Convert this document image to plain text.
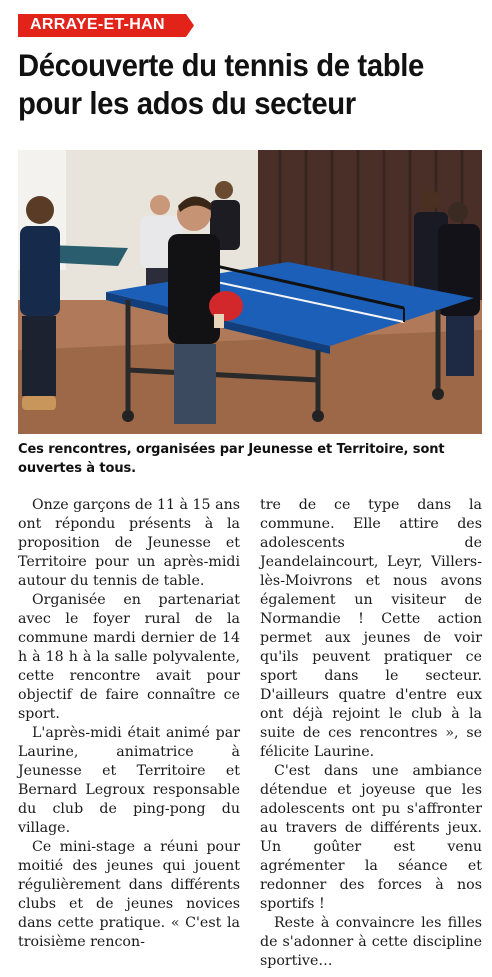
ARRAYE-ET-HAN
Découverte du tennis de table
pour les ados du secteur

Ces rencontres, organisées par Jeunesse et Territoire, sont ouvertes à tous.

Onze garçons de 11 à 15 ans ont répondu présents à la proposition de Jeunesse et Territoire pour un après-midi autour du tennis de table.

Organisée en partenariat avec le foyer rural de la commune mardi dernier de 14 h à 18 h à la salle polyvalente, cette rencontre avait pour objectif de faire connaître ce sport.

L'après-midi était animé par Laurine, animatrice à Jeunesse et Territoire et Bernard Legroux responsable du club de ping-pong du village.

Ce mini-stage a réuni pour moitié des jeunes qui jouent régulièrement dans différents clubs et de jeunes novices dans cette pratique. « C'est la troisième rencon-

tre de ce type dans la commune. Elle attire des adolescents de Jeandelaincourt, Leyr, Villers-lès-Moivrons et nous avons également un visiteur de Normandie ! Cette action permet aux jeunes de voir qu'ils peuvent pratiquer ce sport dans le secteur. D'ailleurs quatre d'entre eux ont déjà rejoint le club à la suite de ces rencontres », se félicite Laurine.

C'est dans une ambiance détendue et joyeuse que les adolescents ont pu s'affronter au travers de différents jeux. Un goûter est venu agrémenter la séance et redonner des forces à nos sportifs !

Reste à convaincre les filles de s'adonner à cette discipline sportive…
